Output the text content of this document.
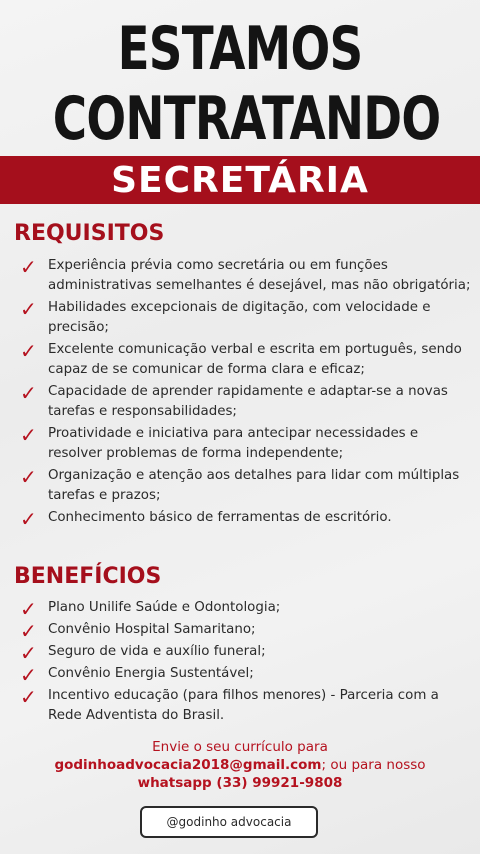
ESTAMOS
CONTRATANDO
SECRETÁRIA
REQUISITOS
✓ Experiência prévia como secretária ou em funções administrativas semelhantes é desejável, mas não obrigatória;
✓ Habilidades excepcionais de digitação, com velocidade e precisão;
✓ Excelente comunicação verbal e escrita em português, sendo capaz de se comunicar de forma clara e eficaz;
✓ Capacidade de aprender rapidamente e adaptar-se a novas tarefas e responsabilidades;
✓ Proatividade e iniciativa para antecipar necessidades e resolver problemas de forma independente;
✓ Organização e atenção aos detalhes para lidar com múltiplas tarefas e prazos;
✓ Conhecimento básico de ferramentas de escritório.
BENEFÍCIOS
✓ Plano Unilife Saúde e Odontologia;
✓ Convênio Hospital Samaritano;
✓ Seguro de vida e auxílio funeral;
✓ Convênio Energia Sustentável;
✓ Incentivo educação (para filhos menores) - Parceria com a Rede Adventista do Brasil.
Envie o seu currículo para
godinhoadvocacia2018@gmail.com; ou para nosso
whatsapp (33) 99921-9808
@godinho advocacia
